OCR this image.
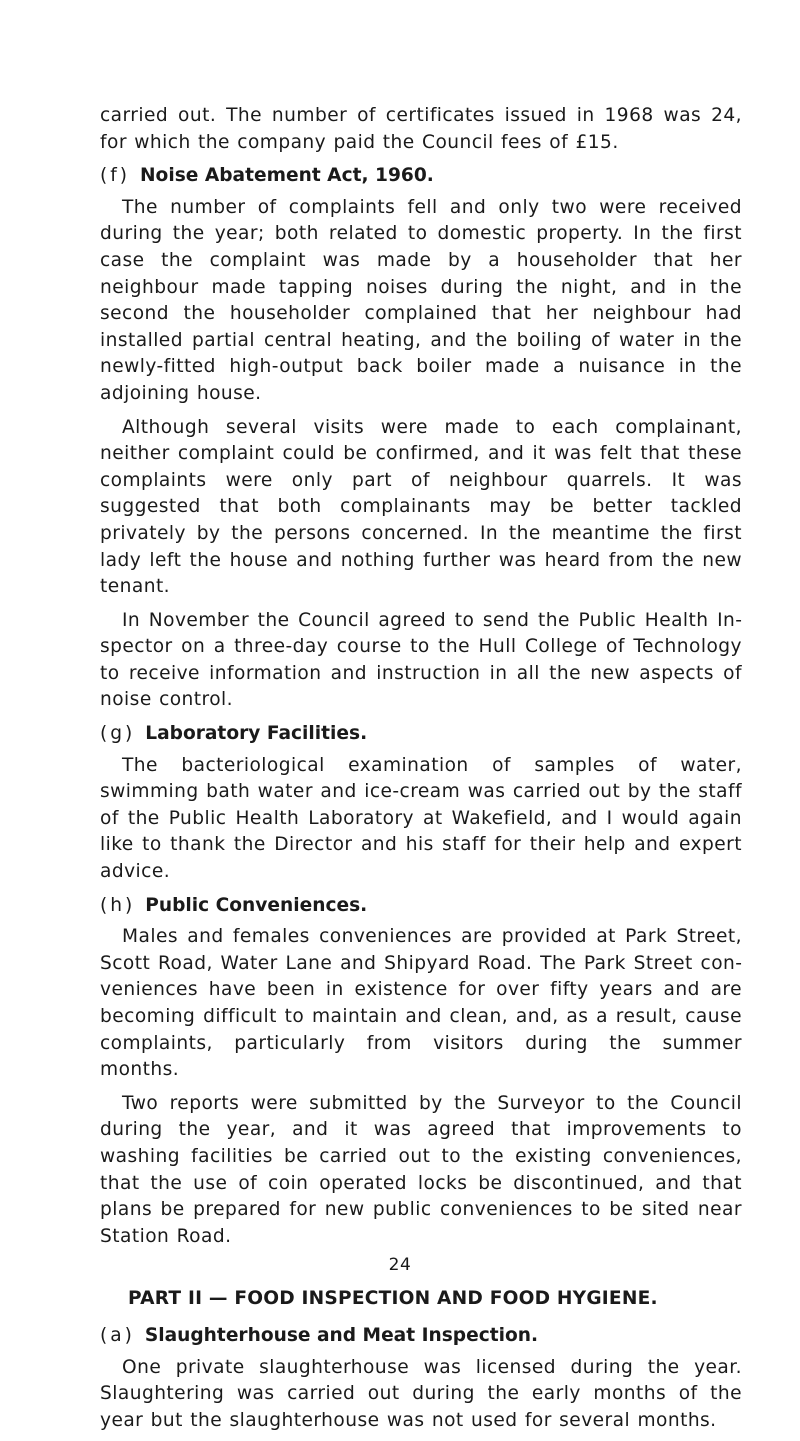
carried out. The number of certificates issued in 1968 was 24, for which the company paid the Council fees of £15.

(f) Noise Abatement Act, 1960.

The number of complaints fell and only two were received during the year; both related to domestic property. In the first case the complaint was made by a householder that her neighbour made tapping noises during the night, and in the second the householder complained that her neighbour had installed partial central heating, and the boiling of water in the newly-fitted high-output back boiler made a nuisance in the adjoining house.

Although several visits were made to each complainant, neither complaint could be confirmed, and it was felt that these complaints were only part of neighbour quarrels. It was suggested that both complainants may be better tackled privately by the persons concerned. In the meantime the first lady left the house and nothing further was heard from the new tenant.

In November the Council agreed to send the Public Health Inspector on a three-day course to the Hull College of Technology to receive information and instruction in all the new aspects of noise control.

(g) Laboratory Facilities.

The bacteriological examination of samples of water, swimming bath water and ice-cream was carried out by the staff of the Public Health Laboratory at Wakefield, and I would again like to thank the Director and his staff for their help and expert advice.

(h) Public Conveniences.

Males and females conveniences are provided at Park Street, Scott Road, Water Lane and Shipyard Road. The Park Street conveniences have been in existence for over fifty years and are becoming difficult to maintain and clean, and, as a result, cause complaints, particularly from visitors during the summer months.

Two reports were submitted by the Surveyor to the Council during the year, and it was agreed that improvements to washing facilities be carried out to the existing conveniences, that the use of coin operated locks be discontinued, and that plans be prepared for new public conveniences to be sited near Station Road.

PART II — FOOD INSPECTION AND FOOD HYGIENE.
(a) Slaughterhouse and Meat Inspection.

One private slaughterhouse was licensed during the year. Slaughtering was carried out during the early months of the year but the slaughterhouse was not used for several months.

24
